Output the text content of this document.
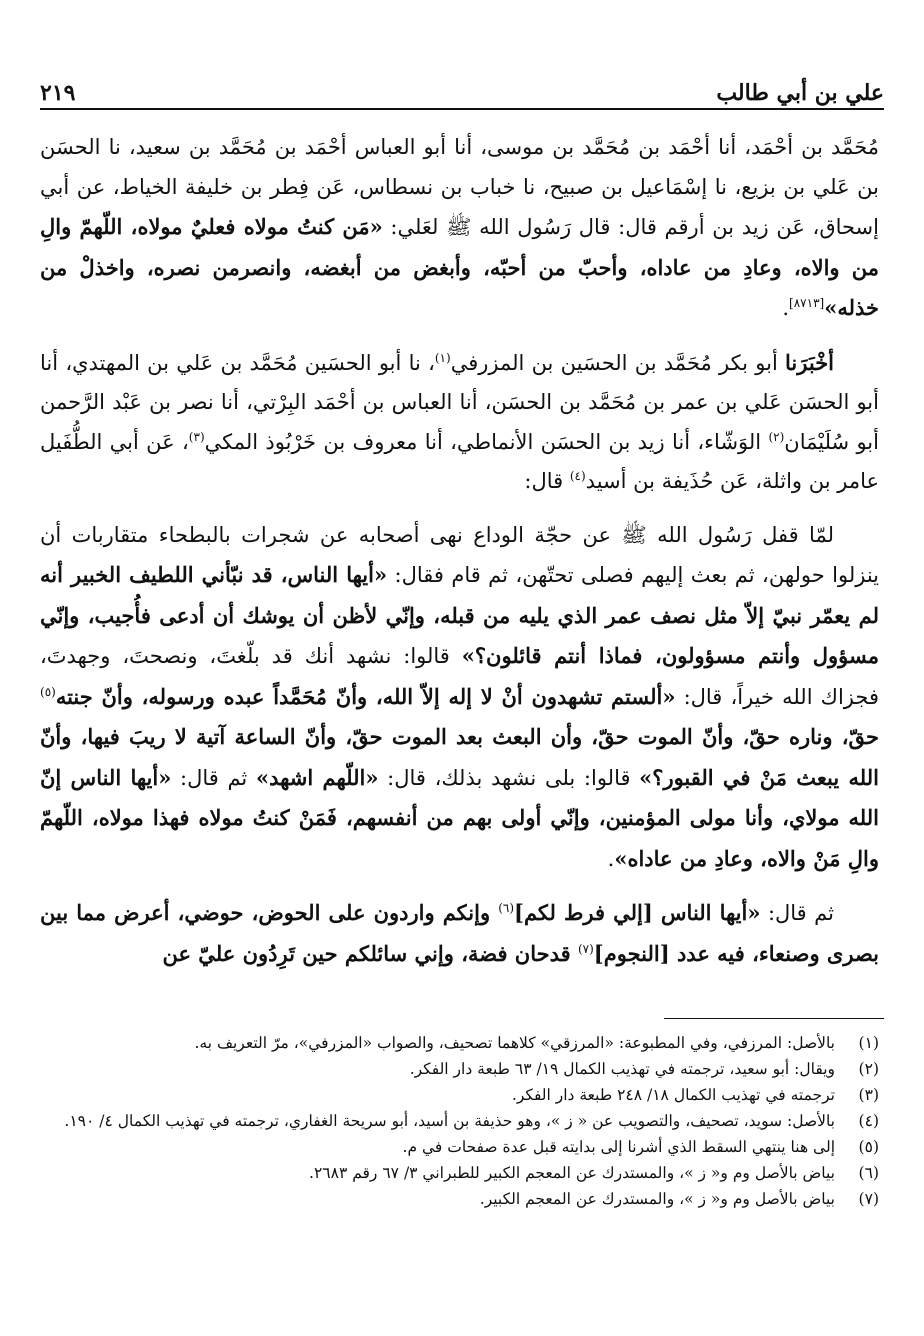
٢١٩	علي بن أبي طالب

مُحَمَّد بن أحْمَد، أنا أحْمَد بن مُحَمَّد بن موسى، أنا أبو العباس أحْمَد بن مُحَمَّد بن سعيد، نا الحسَن بن عَلي بن بزيع، نا إسْمَاعيل بن صبيح، نا خباب بن نسطاس، عَن فِطر بن خليفة الخياط، عن أبي إسحاق، عَن زيد بن أرقم قال: قال رَسُول الله ﷺ لعَلي: «مَن كنتُ مولاه فعليٌ مولاه، اللّهمّ والِ من والاه، وعادِ من عاداه، وأحبّ من أحبّه، وأبغض من أبغضه، وانصرمن نصره، واخذلْ من خذله»[٨٧١٣].

أخْبَرَنا أبو بكر مُحَمَّد بن الحسَين بن المزرفي$^{(١)}$، نا أبو الحسَين مُحَمَّد بن عَلي بن المهتدي، أنا أبو الحسَن عَلي بن عمر بن مُحَمَّد بن الحسَن، أنا العباس بن أحْمَد البِرْتي، أنا نصر بن عَبْد الرَّحمن أبو سُلَيْمَان$^{(٢)}$ الوَشّاء، أنا زيد بن الحسَن الأنماطي، أنا معروف بن خَرْبُوذ المكي$^{(٣)}$، عَن أبي الطُّفَيل عامر بن واثلة، عَن حُذَيفة بن أسيد$^{(٤)}$ قال:

لمّا قفل رَسُول الله ﷺ عن حجّة الوداع نهى أصحابه عن شجرات بالبطحاء متقاربات أن ينزلوا حولهن، ثم بعث إليهم فصلى تحتّهن، ثم قام فقال: «أيها الناس، قد نبّأني اللطيف الخبير أنه لم يعمّر نبيّ إلاّ مثل نصف عمر الذي يليه من قبله، وإنّي لأظن أن يوشك أن أدعى فأُجيب، وإنّي مسؤول وأنتم مسؤولون، فماذا أنتم قائلون؟» قالوا: نشهد أنك قد بلّغتَ، ونصحتَ، وجهدتَ، فجزاك الله خيراً، قال: «ألستم تشهدون أنْ لا إله إلاّ الله، وأنّ مُحَمَّداً عبده ورسوله، وأنّ جنته$^{(٥)}$ حقّ، وناره حقّ، وأنّ الموت حقّ، وأن البعث بعد الموت حقّ، وأنّ الساعة آتية لا ريبَ فيها، وأنّ الله يبعث مَنْ في القبور؟» قالوا: بلى نشهد بذلك، قال: «اللّهم اشهد» ثم قال: «أيها الناس إنّ الله مولاي، وأنا مولى المؤمنين، وإنّي أولى بهم من أنفسهم، فَمَنْ كنتُ مولاه فهذا مولاه، اللّهمّ والِ مَنْ والاه، وعادِ من عاداه».

ثم قال: «أيها الناس [إلي فرط لكم]$^{(٦)}$ وإنكم واردون على الحوض، حوضي، أعرض مما بين بصرى وصنعاء، فيه عدد [النجوم]$^{(٧)}$ قدحان فضة، وإني سائلكم حين تَرِدُون عليّ عن

(١)
بالأصل: المرزفي، وفي المطبوعة: «المرزقي» كلاهما تصحيف، والصواب «المزرفي»، مرّ التعريف به.
(٢)
ويقال: أبو سعيد، ترجمته في تهذيب الكمال ١٩/ ٦٣ طبعة دار الفكر.
(٣)
ترجمته في تهذيب الكمال ١٨/ ٢٤٨ طبعة دار الفكر.
(٤)
بالأصل: سويد، تصحيف، والتصويب عن « ز »، وهو حذيفة بن أسيد، أبو سريحة الغفاري، ترجمته في تهذيب الكمال ٤/ ١٩٠.
(٥)
إلى هنا ينتهي السقط الذي أشرنا إلى بدايته قبل عدة صفحات في م.
(٦)
بياض بالأصل وم و« ز »، والمستدرك عن المعجم الكبير للطبراني ٣/ ٦٧ رقم ٢٦٨٣.
(٧)
بياض بالأصل وم و« ز »، والمستدرك عن المعجم الكبير.
